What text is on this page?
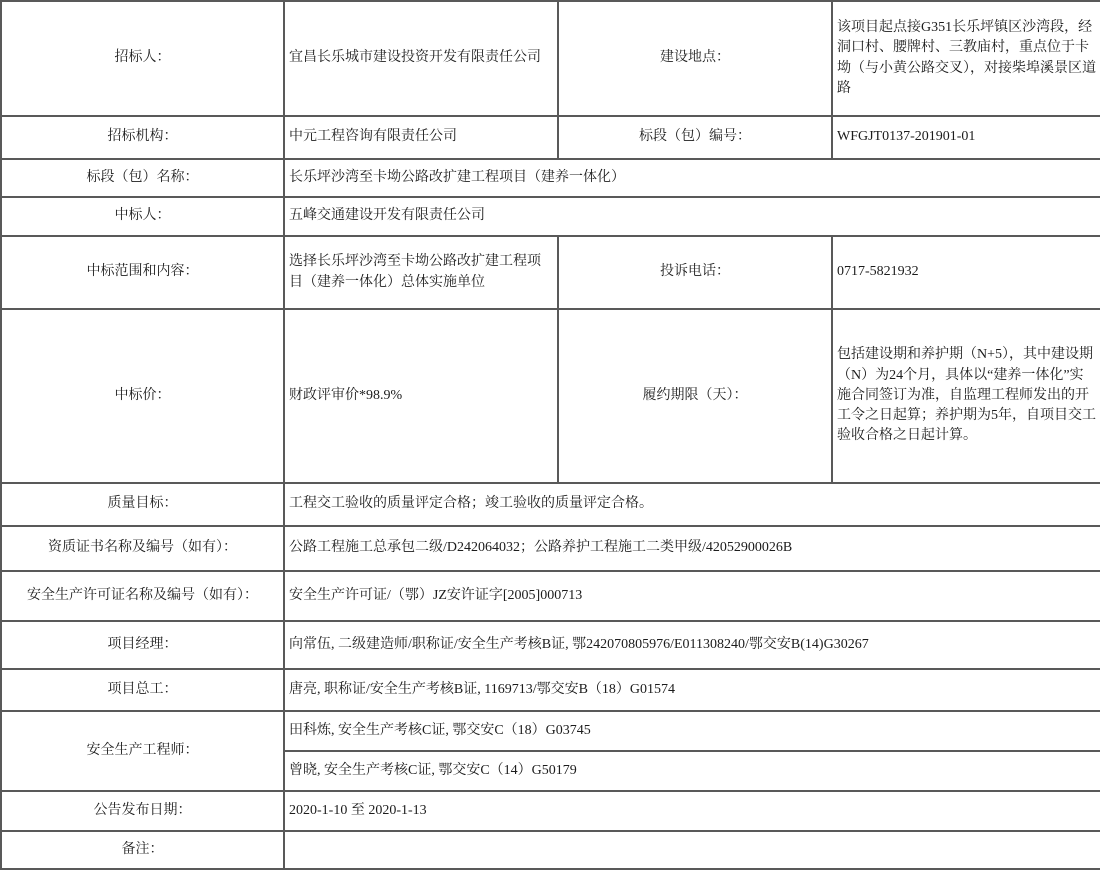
招标人：	宜昌长乐城市建设投资开发有限责任公司	建设地点：	该项目起点接G351长乐坪镇区沙湾段，经洞口村、腰牌村、三教庙村，重点位于卡坳（与小黄公路交叉），对接柴埠溪景区道路
招标机构：	中元工程咨询有限责任公司	标段（包）编号：	WFGJT0137-201901-01
标段（包）名称：	长乐坪沙湾至卡坳公路改扩建工程项目（建养一体化）		
中标人：	五峰交通建设开发有限责任公司		
中标范围和内容：	选择长乐坪沙湾至卡坳公路改扩建工程项目（建养一体化）总体实施单位	投诉电话：	0717-5821932
中标价：	财政评审价*98.9%	履约期限（天）：	包括建设期和养护期（N+5），其中建设期（N）为24个月，具体以“建养一体化”实施合同签订为准，自监理工程师发出的开工令之日起算；养护期为5年，自项目交工验收合格之日起计算。
质量目标：	工程交工验收的质量评定合格；竣工验收的质量评定合格。		
资质证书名称及编号（如有）：	公路工程施工总承包二级/D242064032；公路养护工程施工二类甲级/42052900026B		
安全生产许可证名称及编号（如有）：	安全生产许可证/（鄂）JZ安许证字[2005]000713		
项目经理：	向常伍, 二级建造师/职称证/安全生产考核B证, 鄂242070805976/E011308240/鄂交安B(14)G30267		
项目总工：	唐亮, 职称证/安全生产考核B证, 1169713/鄂交安B（18）G01574		
安全生产工程师：	田科炼, 安全生产考核C证, 鄂交安C（18）G03745		
	曾晓, 安全生产考核C证, 鄂交安C（14）G50179		
公告发布日期：	2020-1-10 至 2020-1-13		
备注：			
